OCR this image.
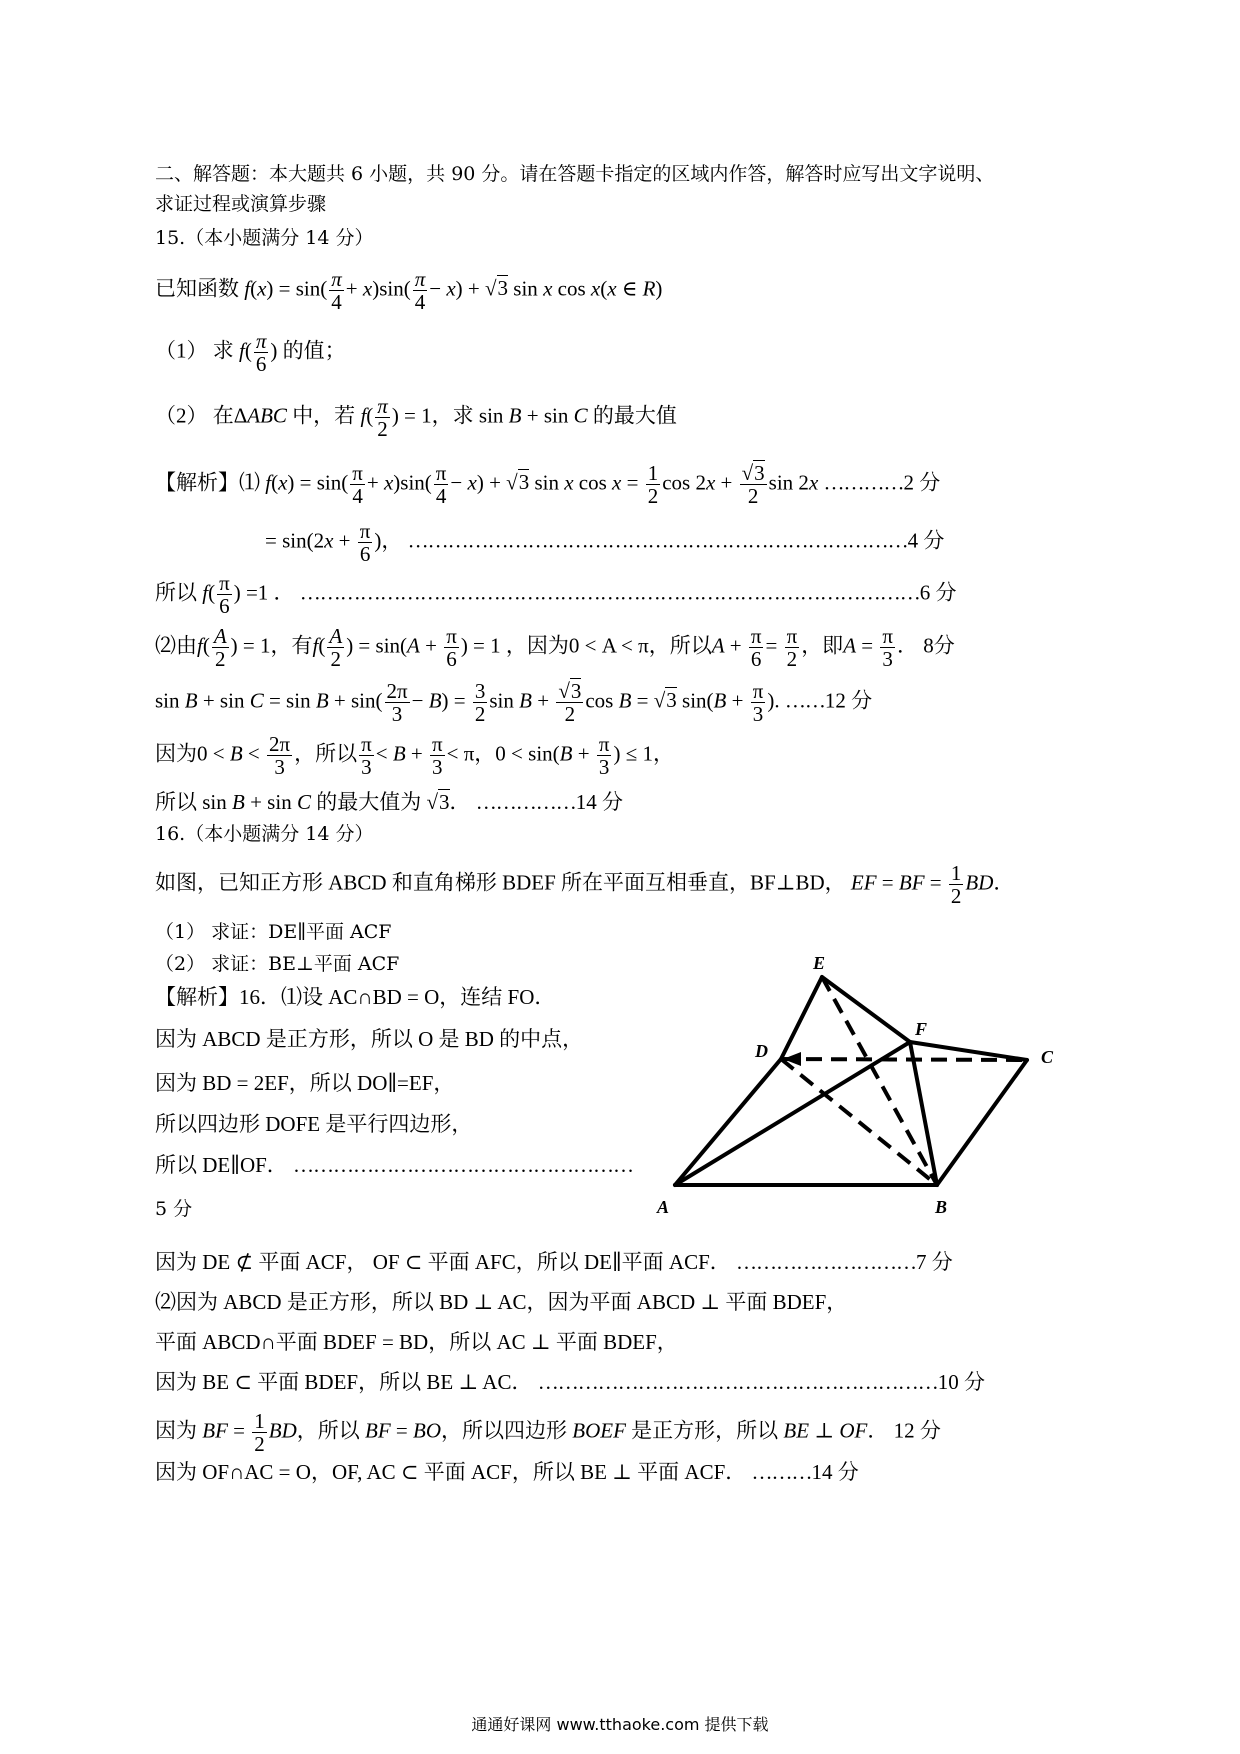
二、解答题：本大题共 6 小题，共 90 分。请在答题卡指定的区域内作答，解答时应写出文字说明、
求证过程或演算步骤
15.（本小题满分 14 分）
已知函数 $f(x) = \sin( \frac{\pi}{4} + x)\sin( \frac{\pi}{4} - x) + √3$ sin x cos x(x ∈ R)
（1） 求 $f( \frac{\pi}{6}$ ) 的值；
（2） 在ΔABC 中，若 $f( \frac{\pi}{2}$ ) = 1，求 sin B + sin C 的最大值
【解析】⑴ $f(x) = \sin( \frac{\pi}{4} + x)\sin( \frac{\pi}{4} - x) + √3$ sin x $\cos x = \frac{1}{2}$ $\cos 2x + \frac{√3}{2}$ sin 2x …………2 分
= $\sin(2x + \frac{\pi}{6}$ )， …………………………………………………………………4 分
所以 $f( \frac{\pi}{6}$ ) =1 ． …………………………………………………………………………………6 分
⑵由$f( \frac{A}{2}$ ) = 1，有$f( \frac{A}{2}$ ) = $\sin(A + \frac{\pi}{6}$ ) = 1 ，因为0 < A < π，所以$A + \frac{\pi}{6} = \frac{\pi}{2}$ ，即$A = \frac{\pi}{3}$ ． 8分
$\sin B + \sin C = \sin B + \sin( \frac{2\pi}{3} - B) = \frac{3}{2}$ $\sin B + \frac{√3}{2}$ cos B = √3 $\sin(B + \frac{\pi}{3}$ ). ……12 分
因为$0 < B < \frac{2\pi}{3}$ ，所以 $\frac{\pi}{3} < B + \frac{\pi}{3} < \pi$，$0 < \sin(B + \frac{\pi}{3}$ ) ≤ 1，
所以 sin B + sin C 的最大值为 √3． ……………14 分
16.（本小题满分 14 分）
如图，已知正方形 ABCD 和直角梯形 BDEF 所在平面互相垂直，BF⊥BD， EF = BF = $\frac{1}{2}$ BD．
（1） 求证：DE∥平面 ACF
（2） 求证：BE⊥平面 ACF
【解析】16．⑴设 AC∩BD = O，连结 FO．
因为 ABCD 是正方形，所以 O 是 BD 的中点，
因为 BD = 2EF，所以 DO∥=EF，
所以四边形 DOFE 是平行四边形，
所以 DE∥OF． ……………………………………………
5 分
因为 DE ⊄ 平面 ACF， OF ⊂ 平面 AFC，所以 DE∥平面 ACF． ………………………7 分
⑵因为 ABCD 是正方形，所以 BD ⊥ AC，因为平面 ABCD ⊥ 平面 BDEF，
平面 ABCD∩平面 BDEF = BD，所以 AC ⊥ 平面 BDEF，
因为 BE ⊂ 平面 BDEF，所以 BE ⊥ AC． ……………………………………………………10 分
因为 BF = $\frac{1}{2}$ BD，所以 BF = BO，所以四边形 BOEF 是正方形，所以 BE ⊥ OF． 12 分
因为 OF∩AC = O，OF, AC ⊂ 平面 ACF，所以 BE ⊥ 平面 ACF． ………14 分
A	B
C
D
E
F
通通好课网 www.tthaoke.com 提供下载
